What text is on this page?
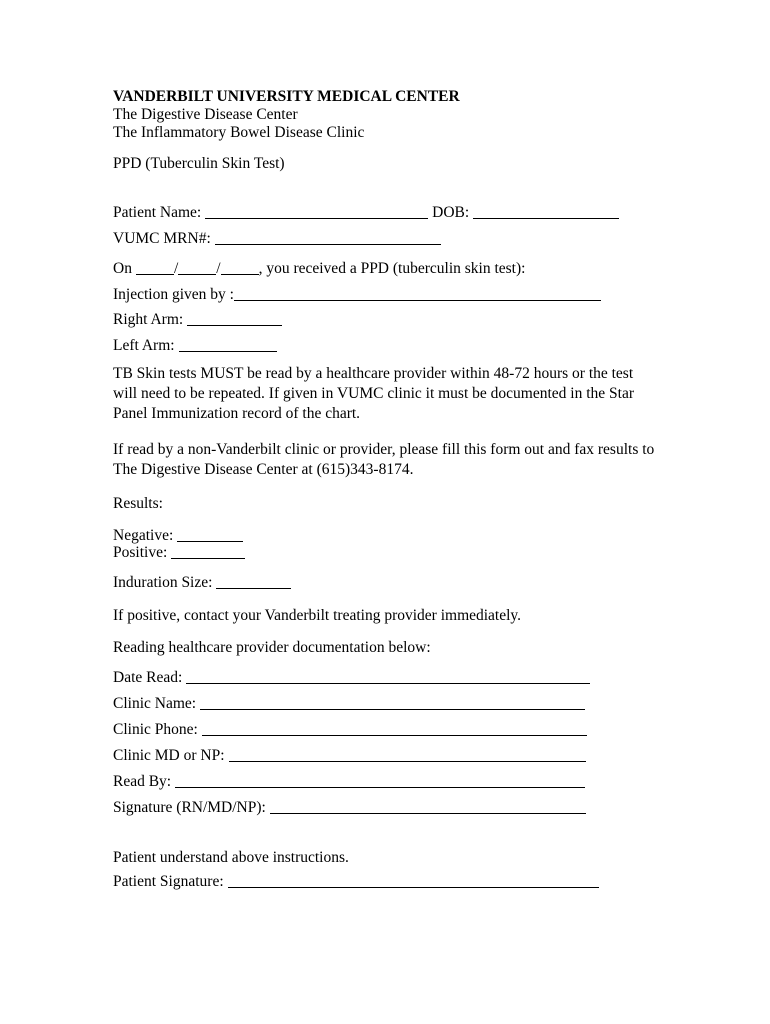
VANDERBILT UNIVERSITY MEDICAL CENTER
The Digestive Disease Center
The Inflammatory Bowel Disease Clinic
PPD (Tuberculin Skin Test)
Patient Name:	DOB:
VUMC MRN#:
On	/ / , you received a PPD (tuberculin skin test):
Injection given by :
Right Arm:
Left Arm:
TB Skin tests MUST be read by a healthcare provider within 48-72 hours or the test will need to be repeated. If given in VUMC clinic it must be documented in the Star Panel Immunization record of the chart.
If read by a non-Vanderbilt clinic or provider, please fill this form out and fax results to The Digestive Disease Center at (615)343-8174.
Results:
Negative:
Positive:
Induration Size:
If positive, contact your Vanderbilt treating provider immediately.
Reading healthcare provider documentation below:
Date Read:
Clinic Name:
Clinic Phone:
Clinic MD or NP:
Read By:
Signature (RN/MD/NP):
Patient understand above instructions.
Patient Signature:
